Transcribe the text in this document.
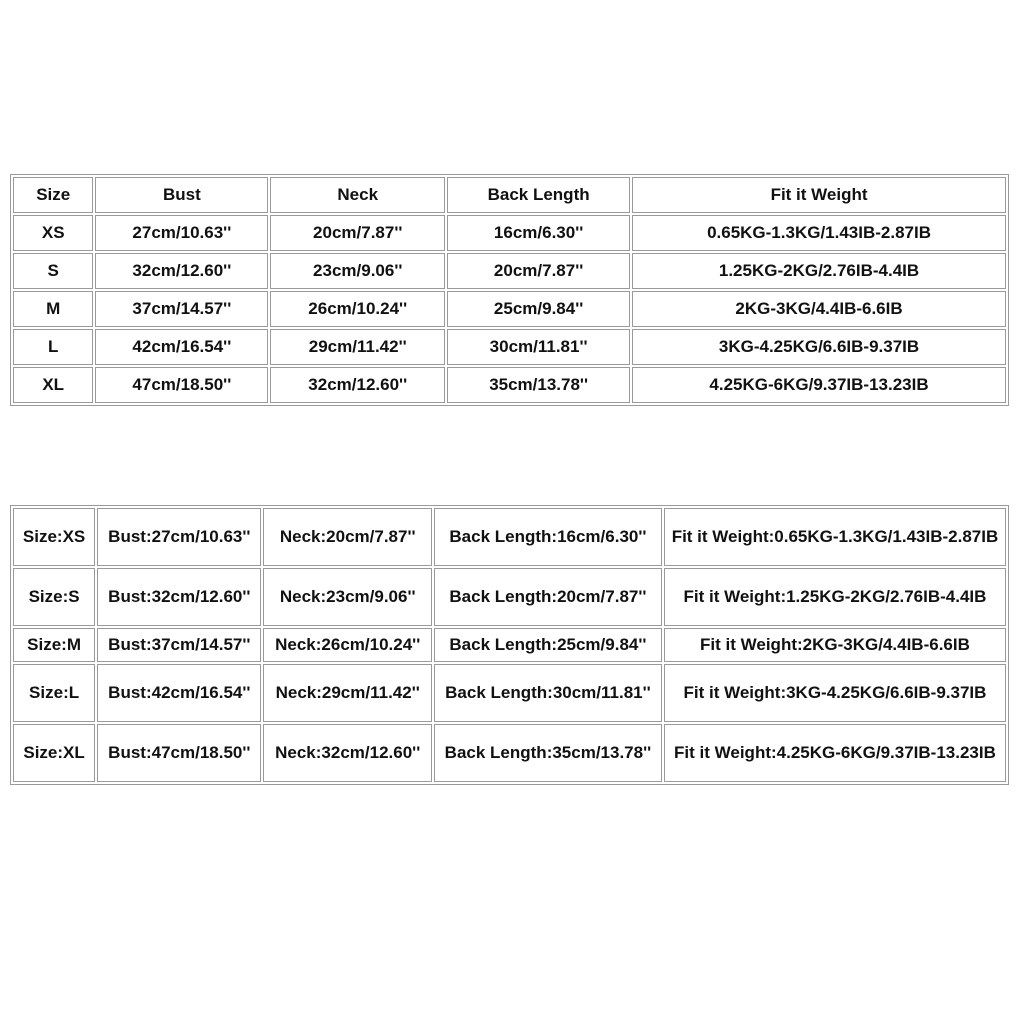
Size	Bust	Neck	Back Length	Fit it Weight
XS	27cm/10.63''	20cm/7.87''	16cm/6.30''	0.65KG-1.3KG/1.43IB-2.87IB
S	32cm/12.60''	23cm/9.06''	20cm/7.87''	1.25KG-2KG/2.76IB-4.4IB
M	37cm/14.57''	26cm/10.24''	25cm/9.84''	2KG-3KG/4.4IB-6.6IB
L	42cm/16.54''	29cm/11.42''	30cm/11.81''	3KG-4.25KG/6.6IB-9.37IB
XL	47cm/18.50''	32cm/12.60''	35cm/13.78''	4.25KG-6KG/9.37IB-13.23IB
Size:XS	Bust:27cm/10.63''	Neck:20cm/7.87''	Back Length:16cm/6.30''	Fit it Weight:0.65KG-1.3KG/1.43IB-2.87IB
Size:S	Bust:32cm/12.60''	Neck:23cm/9.06''	Back Length:20cm/7.87''	Fit it Weight:1.25KG-2KG/2.76IB-4.4IB
Size:M	Bust:37cm/14.57''	Neck:26cm/10.24''	Back Length:25cm/9.84''	Fit it Weight:2KG-3KG/4.4IB-6.6IB
Size:L	Bust:42cm/16.54''	Neck:29cm/11.42''	Back Length:30cm/11.81''	Fit it Weight:3KG-4.25KG/6.6IB-9.37IB
Size:XL	Bust:47cm/18.50''	Neck:32cm/12.60''	Back Length:35cm/13.78''	Fit it Weight:4.25KG-6KG/9.37IB-13.23IB
